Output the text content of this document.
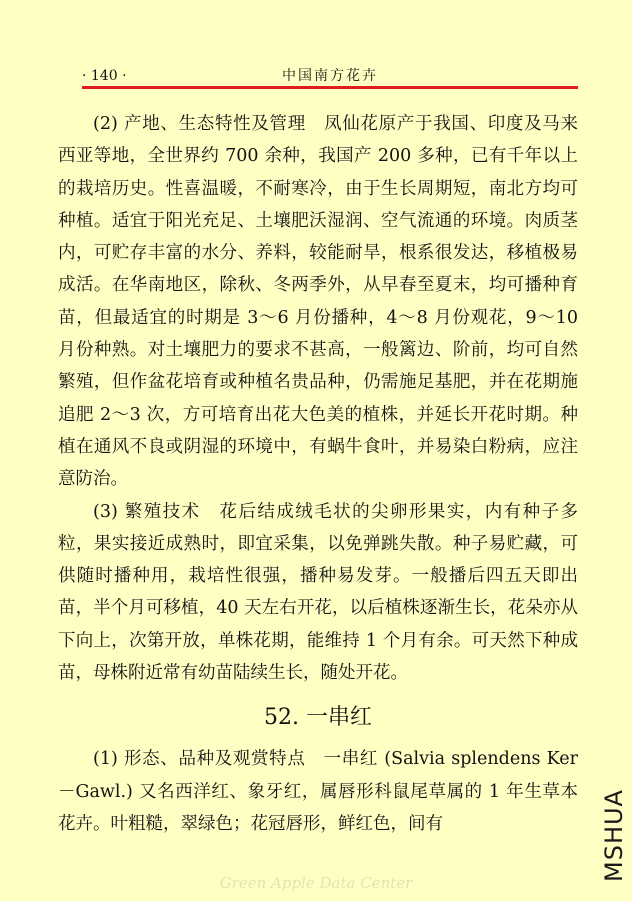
· 140 ·	中国南方花卉

(2) 产地、生态特性及管理　凤仙花原产于我国、印度及马来西亚等地，全世界约 700 余种，我国产 200 多种，已有千年以上的栽培历史。性喜温暖，不耐寒冷，由于生长周期短，南北方均可种植。适宜于阳光充足、土壤肥沃湿润、空气流通的环境。肉质茎内，可贮存丰富的水分、养料，较能耐旱，根系很发达，移植极易成活。在华南地区，除秋、冬两季外，从早春至夏末，均可播种育苗，但最适宜的时期是 3～6 月份播种，4～8 月份观花，9～10 月份种熟。对土壤肥力的要求不甚高，一般篱边、阶前，均可自然繁殖，但作盆花培育或种植名贵品种，仍需施足基肥，并在花期施追肥 2～3 次，方可培育出花大色美的植株，并延长开花时期。种植在通风不良或阴湿的环境中，有蜗牛食叶，并易染白粉病，应注意防治。

(3) 繁殖技术　花后结成绒毛状的尖卵形果实，内有种子多粒，果实接近成熟时，即宜采集，以免弹跳失散。种子易贮藏，可供随时播种用，栽培性很强，播种易发芽。一般播后四五天即出苗，半个月可移植，40 天左右开花，以后植株逐渐生长，花朵亦从下向上，次第开放，单株花期，能维持 1 个月有余。可天然下种成苗，母株附近常有幼苗陆续生长，随处开花。

52. 一串红

(1) 形态、品种及观赏特点　一串红 (Salvia splendens Ker－Gawl.) 又名西洋红、象牙红，属唇形科鼠尾草属的 1 年生草本花卉。叶粗糙，翠绿色；花冠唇形，鲜红色，间有

Green Apple Data Center
MSHUA
